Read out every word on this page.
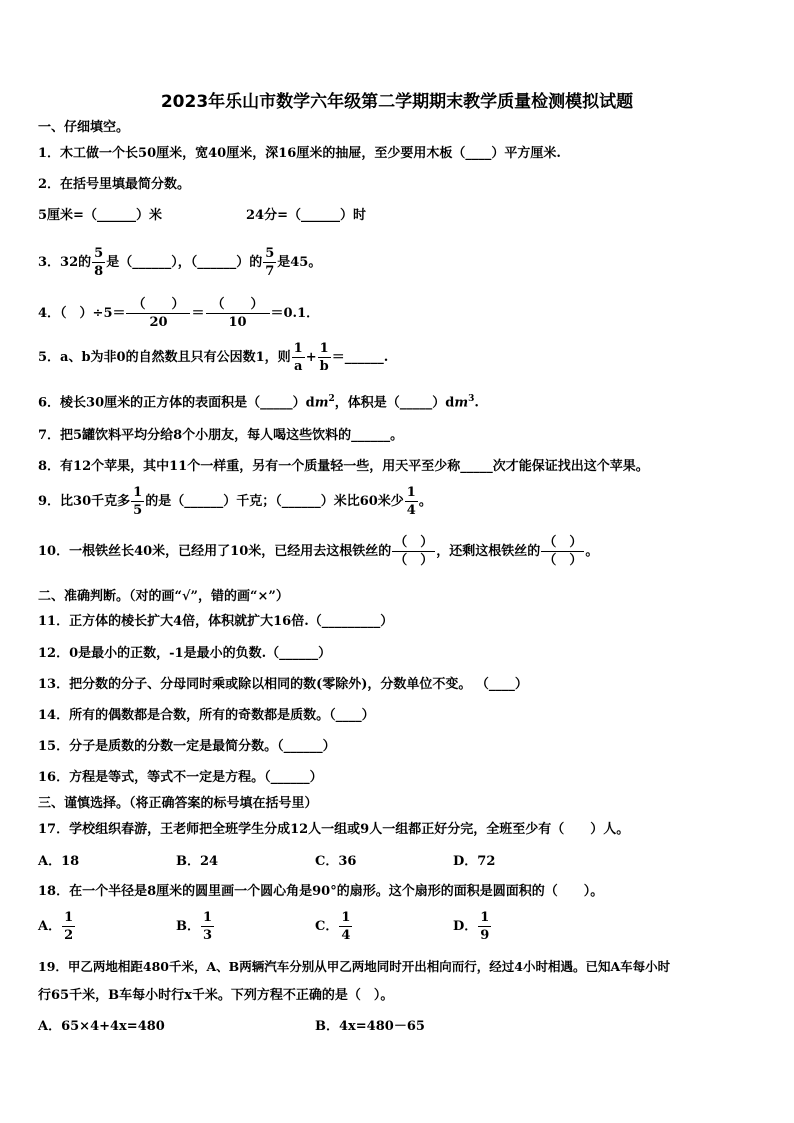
2023年乐山市数学六年级第二学期期末教学质量检测模拟试题
一、仔细填空。
1．木工做一个长50厘米，宽40厘米，深16厘米的抽屉，至少要用木板（____）平方厘米.
2．在括号里填最简分数。
5厘米=（______）米	24分=（______）时
3．32的 $\frac{5}{8}$ 是（______），（______）的 $\frac{5}{7}$ 是45。
4．（　）$\div 5= \frac{( )}{20} = \frac{( )}{10} =0.1$．
5．a、b为非0的自然数且只有公因数1，则 $\frac{1}{a} + \frac{1}{b}$ ＝______.
6．棱长30厘米的正方体的表面积是$(\_\_\_\_\_)dm^2$，体积是$(\_\_\_\_\_)dm^3$.
7．把5罐饮料平均分给8个小朋友，每人喝这些饮料的______。
8．有12个苹果，其中11个一样重，另有一个质量轻一些，用天平至少称_____次才能保证找出这个苹果。
9．比30千克多 $\frac{1}{5}$ 的是（______）千克；（______）米比60米少 $\frac{1}{4}$ 。
10．一根铁丝长40米，已经用了10米，已经用去这根铁丝的 $\frac{( )}{( )}$ ，还剩这根铁丝的 $\frac{( )}{( )}$ 。
二、准确判断。（对的画“√”，错的画“×”）
11．正方体的棱长扩大4倍，体积就扩大16倍.（_________）
12．0是最小的正数，-1是最小的负数.（______）
13．把分数的分子、分母同时乘或除以相同的数(零除外)，分数单位不变。 （____）
14．所有的偶数都是合数，所有的奇数都是质数。（____）
15．分子是质数的分数一定是最简分数。（______）
16．方程是等式，等式不一定是方程。（______）
三、谨慎选择。（将正确答案的标号填在括号里）
17．学校组织春游，王老师把全班学生分成12人一组或9人一组都正好分完，全班至少有（　　）人。
A．18	B．24	C．36	D．72
18．在一个半径是8厘米的圆里画一个圆心角是90°的扇形。这个扇形的面积是圆面积的（　　）。
A． $\frac{1}{2}$	B． $\frac{1}{3}$	C． $\frac{1}{4}$	D． $\frac{1}{9}$
19．甲乙两地相距480千米，A、B两辆汽车分别从甲乙两地同时开出相向而行，经过4小时相遇。已知A车每小时
行65千米，B车每小时行x千米。下列方程不正确的是（　）。
A．65×4+4x=480	B．4x=480－65
